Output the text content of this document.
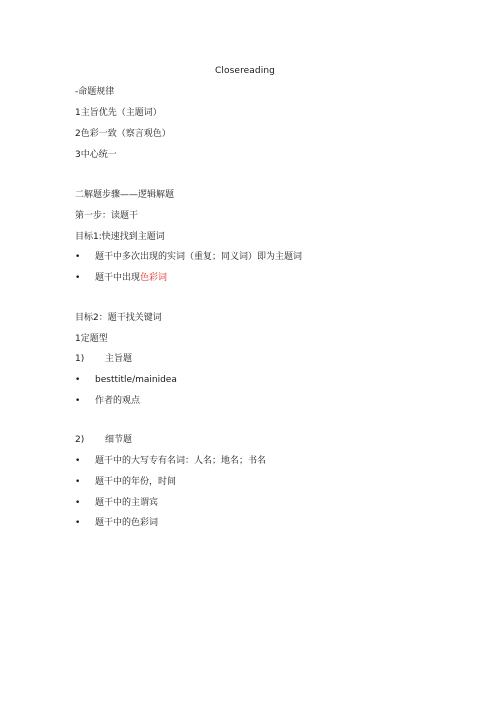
Closereading
-命题规律
1主旨优先（主题词）
2色彩一致（察言观色）
3中心统一
二解题步骤——逻辑解题
第一步：读题干
目标1:快速找到主题词
• 题干中多次出现的实词（重复；同义词）即为主题词
• 题干中出现色彩词
目标2：题干找关键词
1定题型
1) 主旨题
• besttitle/mainidea
• 作者的观点
2) 细节题
• 题干中的大写专有名词：人名；地名；书名
• 题干中的年份，时间
• 题干中的主谓宾
• 题干中的色彩词
